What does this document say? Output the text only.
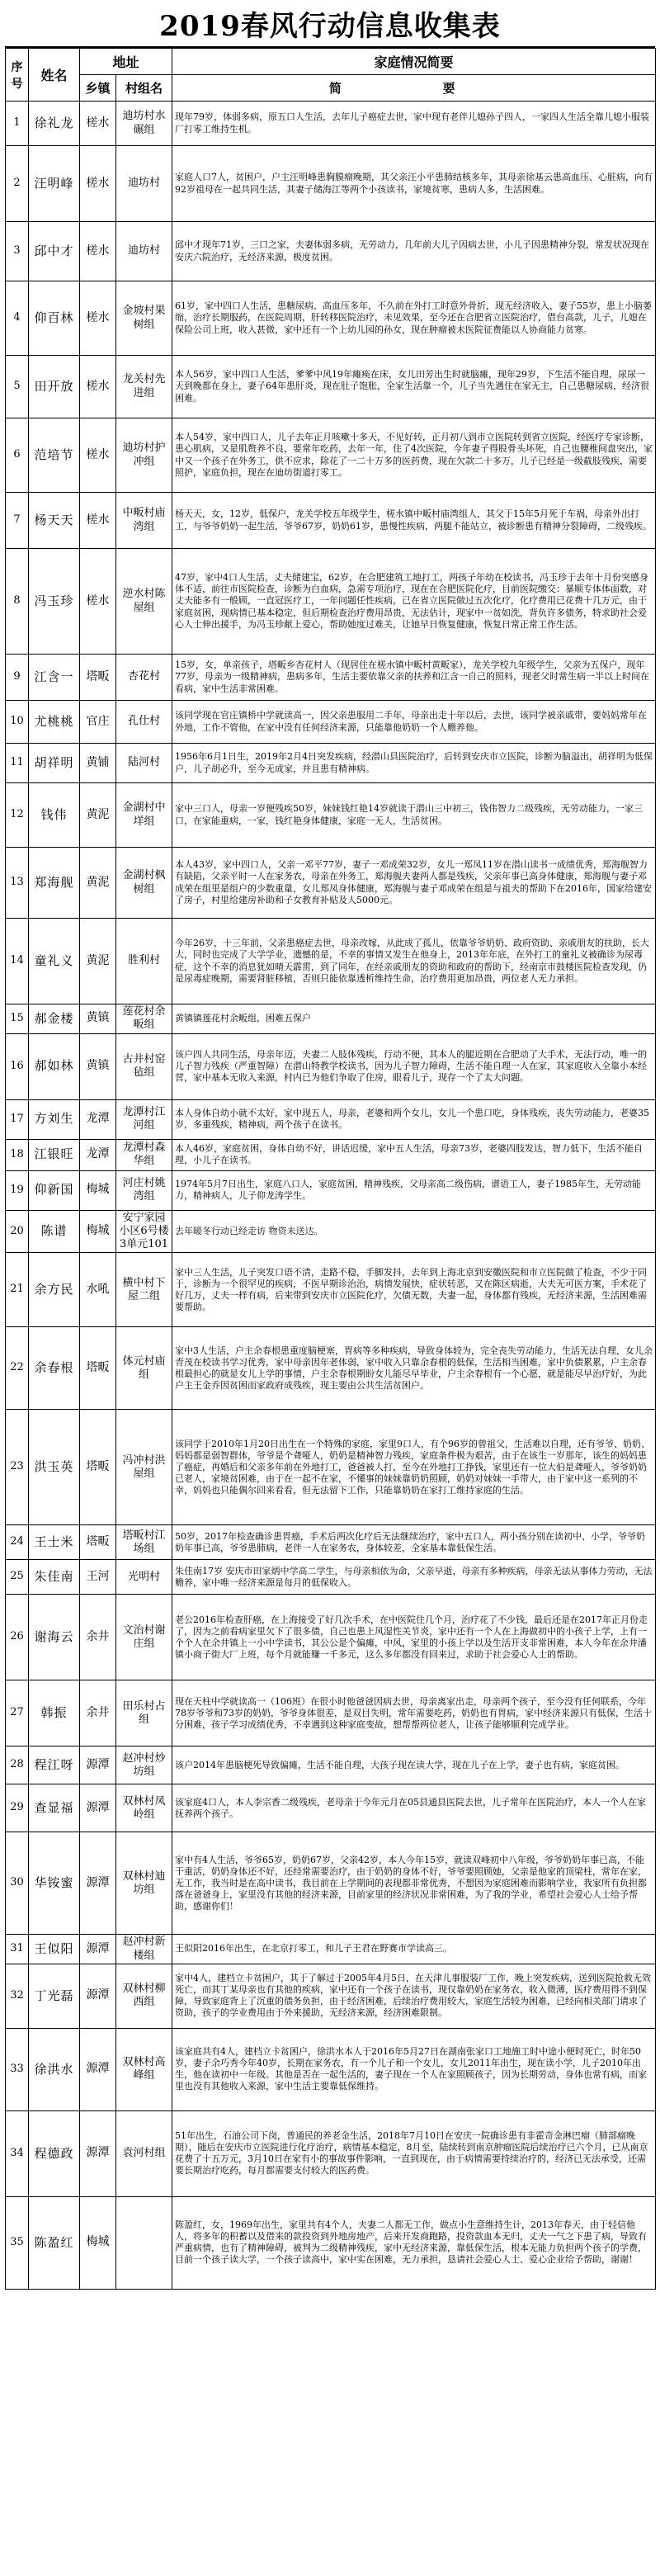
2019春风行动信息收集表
序号	姓名	地址		家庭情况简要
		乡镇	村组名	简 要
1	徐礼龙	槎水	迪坊村水碾组	现年79岁，体弱多病，原五口人生活，去年儿子癌症去世，家中现有老伴儿媳孙子四人，一家四人生活全靠儿媳小服装厂打零工维持生机。
2	汪明峰	槎水	迪坊村	家庭人口7人，贫困户，户主汪明峰患胸膜瘤晚期，其父亲汪小平患肺结核多年，其母亲徐基云患高血压、心脏病，向有92岁祖母在一起共同生活，其妻子储海江等两个小孩读书，家境贫寒，患病人多，生活困难。
3	邱中才	槎水	迪坊村	邱中才现年71岁，三口之家，夫妻体弱多病，无劳动力，几年前大儿子因病去世，小儿子因患精神分裂，常发状况现在安庆六院治疗，无经济来源，极度贫困。
4	仰百林	槎水	金坡村果树组	61岁，家中四口人生活，患糖尿病、高血压多年，不久前在外打工时意外骨折，现无经济收入，妻子55岁，患上小脑萎缩，治疗长期服药，在医院周期，肝转移医院治疗，未见效果，至今还在合肥省立医院治疗，借台高款，儿子，儿媳在保险公司上班，收入甚微，家中还有一个上幼儿园的孙女，现在肿瘤被未医院征费能以人协商能力贫寒。
5	田开放	槎水	龙关村先进组	本人56岁，家中四口人生活，爹爹中风19年瘫痪在床，女儿田芳出生时就脑瘫，现年29岁，下生活不能自理，尿尿一天到晚都在身上，妻子64年患肝炎，现在肚子饱胀，全家生活靠一个，儿子当先遇住在家无主，自己患糖尿病，经济很困难。
6	范培节	槎水	迪坊村护冲组	本人54岁，家中四口人，儿子去年正月咳嗽十多天，不见好转，正月初八到市立医院转到省立医院，经医疗专家诊断，患心肌病，又是肌赘养不良，要常年吃药，去年一年，住了4次医院，今年妻子得股骨头坏死，自己也腰椎间盘突出，家中又一个孩子在外务工，供不应求，除花了一二十万多的医药费，现在欠款二十多万，儿子已经是一级截肢残疾，需要照护，家庭负担，现在在迪坊街道打零工。
7	杨天天	槎水	中畈村庙湾组	杨天天，女，12岁，低保户，龙关学校五年级学生，槎水镇中畈村庙湾组人，其父于15年5月死于车祸，母亲外出打工，与爷爷奶奶一起生活，爷爷67岁，奶奶61岁，患慢性疾病，两腿不能站立，被诊断患有精神分裂障碍，二级残疾。
8	冯玉珍	槎水	逆水村陈屋组	47岁，家中4口人生活，丈夫储建宝，62岁，在合肥建筑工地打工，两孩子年幼在校读书，冯玉珍于去年十月份突感身体不适，前往市医院检查，诊断为白血病，急需专项治疗，现在在合肥医院化疗，目前医院缴交：暴顺专体体面数，对丈夫能多有一般顾，一直冠医疗工，一年问题任性疾病，已在省立医院做过五次化疗，化疗费用已花费十几万元，由于家庭贫困，现病情已基本稳定，但后期检查治疗费用昂贵，无法估计，现家中一贫如洗，背负许多债务，特求助社会爱心人士伸出援手，为冯玉珍献上爱心，帮助她度过难关，让她早日恢复健康，恢复日常正常工作生活。
9	江含一	塔畈	杏花村	15岁，女，单亲孩子，塔畈乡杏花村人（现居住在槎水镇中畈村黄畈家），龙关学校九年级学生，父亲为五保户，现年77岁，母亲为一级精神病，患病多年，生活主要依靠父亲的扶养和江含一自己的照料，现老父时常生病一半以上时间在看病，家中生活非常困难。
10	尤桃桃	官庄	孔仕村	该同学现在官庄镇桥中学就读高一，因父亲患服用二手年，母亲出走十年以后，去世，该同学被亲戚带，要妈妈常年在外地，工作不管他，在家中没有任何经济来源，只能靠他奶奶一个人赡养他。
11	胡祥明	黄铺	陆河村	1956年6月1日生，2019年2月4日突发疾病，经潜山县医院治疗，后转到安庆市立医院，诊断为脑溢出，胡祥明为低保户，儿子胡必升，至今无成家，并且患有精神病。
12	钱伟	黄泥	金湖村中垟组	家中三口人，母亲一岁便残疾50岁，妹妹钱红艳14岁就读于潜山三中初三，钱伟智力二级残疾，无劳动能力，一家三口，在家能重病，一家，钱红艳身体健康，家庭一无人，生活贫困。
13	郑海舰	黄泥	金湖村枫树组	本人43岁，家中四口人，父亲一邓平77岁，妻子一邓成荣32岁，女儿一郑凤11岁在潜山读书一成绩优秀，郑海舰智力有缺陷，父亲平时一人在家务农，母亲在外务工，郑海舰夫妻两人都是残疾，父亲年事已高身体健康，郑海舰与妻子邓成荣在组里是组户的少数重量，女儿郑凤身体健康，郑海舰与妻子邓成荣在组是与祖夫的帮助下在2016年，国家给建安了房子，村里给建房补助和子女教育补贴及人5000元。
14	童礼义	黄泥	胜利村	今年26岁，十三年前，父亲患癌症去世，母亲改嫁，从此成了孤儿，依靠爷爷奶奶、政府资助、亲戚朋友的扶助，长大大，同时也完成了大学学业，遗憾的是，不幸的事情又发生在他身上，2013年年底，在外打工的童礼义被确诊为尿毒症，这个不幸的消息犹如晴天霹雳，到了同年，在经亲戚朋友的资助和政府的帮助下，经南京市鼓楼医院检查发现，仍是尿毒症晚期，需要肾脏移植，否则只能依靠透析维持生命，治疗费用更加昂贵，两位老人无力承担。
15	郝金楼	黄镇	莲花村余畈组	黄镇镇莲花村余畈组，困难五保户
16	郝如林	黄镇	古井村窑毡组	该户四人共同生活，母亲年迈，夫妻二人肢体残疾，行动不便，其本人的腿近期在合肥动了大手术，无法行动，唯一的儿子智力残疾（严重智障）在潜山特教学校读书，因为儿子智力障碍，生活不能自理一人在家，其家庭收入全靠小本经营，家中基本无收入来源，村内已为他们争取了住房，眼看儿子，现存一个了太大问题。
17	方刘生	龙潭	龙潭村江河组	本人身体自幼小就不太好，家中现五人，母亲，老婆和两个女儿，女儿一个患口吃，身体残疾，丧失劳动能力，老婆35岁，多重残疾，精神病，两个孩子在读书。
18	江银旺	龙潭	龙潭村森华组	本人46岁，家庭贫困，身体自幼不好，讲话迟缓，家中五人生活，母亲73岁，老婆四肢发达，智力低下，生活不能自理，小儿子在读书。
19	仰新国	梅城	河庄村姚湾组	1974年5月7日出生，家庭八口人，家庭贫困，精神残疾，父母亲高二级伤病，谱语工人，妻子1985年生，无劳动能力，精神病人，儿子仰龙涛学生。
20	陈谱	梅城	安宁家园小区6号楼3单元101	去年暖冬行动已经走访 物资未送达。
21	余方民	水吼	横中村下屋二组	家中三人生活，儿子突发口语不清，走路不稳，手脚发抖，去年到上海北京到安徽医院和市立医院做了检查，不少于同于，诊断为一个很罕见的疾病，不医早期诊治治，病情发展快，症状转恶，又在陈区病逝，大夫无可医方案，手术花了好几万，丈夫一样有病，后来带到安庆市立医院化疗，欠债无数，夫妻一起，身体都有残疾，无经济来源，生活困难需要帮助。
22	余春根	塔畈	体元村庙组	家中3人生活，户主余春根患重度脑梗塞，胃病等多种疾病，导致身体较为，完全丧失劳动能力，生活无法自理，女儿余青茂在校读书学习优秀，家中母亲因年老体弱，家中收入只靠余春根的低保，生活相当困难，家中负债累累，户主余春根最担心的就是女儿上学的事情，户主余春根期盼女儿能尽早毕业，户主余春根有一个心愿，就是能尽早治疗好，为此户主王金乔因贫困而家政府成残疾，现主要由公共生活贫困户。
23	洪玉英	塔畈	冯冲村洪屋组	该同学于2010年1月20日出生在一个特殊的家庭，家里9口人，有个96岁的曾祖父，生活难以自理，还有爷爷、奶奶、妈妈都是弱智群体，爷爷是个聋哑人，奶奶是精神智力残疾，家庭条件极为艰苦，由于在该生一岁那年，该生的妈妈患了癌症，再婚后和父亲多年前在外地打工，爸爸被人打，至今在外地打工挣钱，家里还有一位大伯是聋哑人，爷爷奶奶已老人，家境贫困难，由于在一起不在家，不懂事的妹妹靠奶奶照顾，奶奶对妹妹一手带大，由于家中这一系列的不幸，妈妈也只能偶尔回来看看，但无法留下工作，只能靠奶奶在家打工维持家庭的生活。
24	王士米	塔畈	塔畈村江场组	50岁，2017年检查确诊患胃癌，手术后两次化疗后无法继续治疗，家中五口人，两小孩分别在读初中、小学，爷爷奶奶年事已高，爷爷患肺病，老伴一人在家务农，身体较差，全家基本靠低保生活。
25	朱佳南	王河	光明村	朱佳南17岁 安庆市田家炳中学高二学生，与母亲相依为命，父亲早逝，母亲有多种疾病，母亲无法从事体力劳动，无法赡养，家中唯一经济来源是每月的低保收入。
26	谢海云	余井	文治村谢庄组	老公2016年检查肝癌，在上海接受了好几次手术，在中医院住几个月，治疗花了不少钱，最后还是在2017年正月份走了，因为之前看病家里欠下了很多债，自己也患上风湿性关节炎，家中还有一个人在上海做初中的小孩子上学，上有一个个人在余井镇上一小中学读书，其公公是个偏瘫，中风，家里的小孩上学以及生活开支非常困难，本人今年在余井潘镇小商子街大厂上班，每个月就能赚一千多元，这么多年都没有回来过，求助于社会爱心人士的帮助。
27	韩振	余井	田乐村占组	现在天柱中学就读高一（106班）在很小时他爸爸因病去世，母亲离家出走，母亲两个孩子，至今没有任何联系，今年78岁爷爷和73岁的奶奶，爷爷身体很差，是双目失明，常年需要吃药，奶奶也有胃病，家中经济来源只有低保，生活十分困难，孩子学习成绩优秀，不幸遇到这种家庭变故，想帮帮两位老人，让孩子能够顺利完成学业。
28	程江呀	源潭	赵冲村炒坊组	该户2014年患脑梗死导致偏瘫，生活不能自理，大孩子现在读大学，现在儿子在上学，妻子也有病，家庭贫困。
29	查显福	源潭	双林村凤岭组	该家庭4口人，本人李宗香二级残疾，老母亲于今年元月在05县通县医院去世，儿子常年在医院治疗，本人一个人在家抚养两个孩子。
30	华铵蜜	源潭	双林村迪坊组	家中有4人生活，爷爷65岁，奶奶67岁，父亲42岁，本人今年15岁，就读双峰初中八年级，爷爷奶奶年事已高，不能干重活，奶奶身体还不好，还经常需要治疗，由于奶奶的身体不好，爷爷要照顾她，父亲是他家的顶梁柱，常年在家，无工作，我当时是在高中读书，我目前在上学期间的表现都非常优秀，不想因为家庭困难而影响学业，我家所有负担都落在爸爸身上，家里没有其他的经济来源，目前家里的经济状况非常困难，为了我的学业，希望社会爱心人士给予帮助，感谢你们！
31	王似阳	源潭	赵冲村新楼组	王似阳2016年出生，在北京打零工，和儿子王君在野赛市学读高三。
32	丁光磊	源潭	双林村柳西组	家中4人，建档立卡贫困户，其于了解过于2005年4月5日，在天津儿事服装厂工作，晚上突发疾病，送到医院抢救无效死亡，而其丁某母亲也有其他的疾病，家中还有一个孩子在读书，现仅靠奶奶在家务农，收入微薄，医疗费用得不到保障，导致家庭背上了沉重的债务负担，由于经济困难，后续治疗费用较大，家庭生活较为困难，已经向相关部门请求了资助，孩子的学业费用由于外来援助，无经济来源，经济困难限制。
33	徐洪水	源潭	双林村高峰组	该家庭共有4人，建档立卡贫困户，徐洪水本人于2016年5月27日在湖南张家口工地施工时中途小便时死亡，时年50岁，妻子余巧秀今年40岁，长期在家务农，有一个儿子和一个女儿，女儿2011年出生，现在读小学，儿子2010年出生，他在读初中一年级。其他是否在一起生活的，妻子现在一个人在家照顾孩子，因为长期劳动，身体也常有病，而家里也没有其他收入来源，家中生活主要靠低保维持。
34	程德政	源潭	袁河村组	51年出生，石油公司下岗，普通民的养老金生活，2018年7月10日在安庆一院确诊患有非霍奇金淋巴瘤（肺部瘤晚期），随后在安庆市立医院进行化疗治疗，病情基本稳定，8月至，陆续转到南京肿瘤医院后续治疗已六个月，已从南京花费了十五万元，3月10日在家有小的事故事件影响，一直到现在，由于病情需要持续治疗的，经济已无法承受，还需要长期治疗吃药，每月都需要支付较大的医药费。
35	陈盈红	梅城		陈盈红，女，1969年出生，家里共有4个人，夫妻二人都无工作，做点小生意维持生计，2013年春天，由于轻信他人，将多年的积蓄以及借来的款投资到外地房地产，后来开发商跑路，投资款血本无归，丈夫一气之下患了病，导致有严重病情，也有了精神障碍，被判为二级精神残疾，家中无经济来源，靠低保生活，根本无能力负担两个孩子的学费，目前一个孩子读大学，一个孩子读高中，家中实在困难，无力承担，恳请社会爱心人士、爱心企业给予帮助，谢谢！
